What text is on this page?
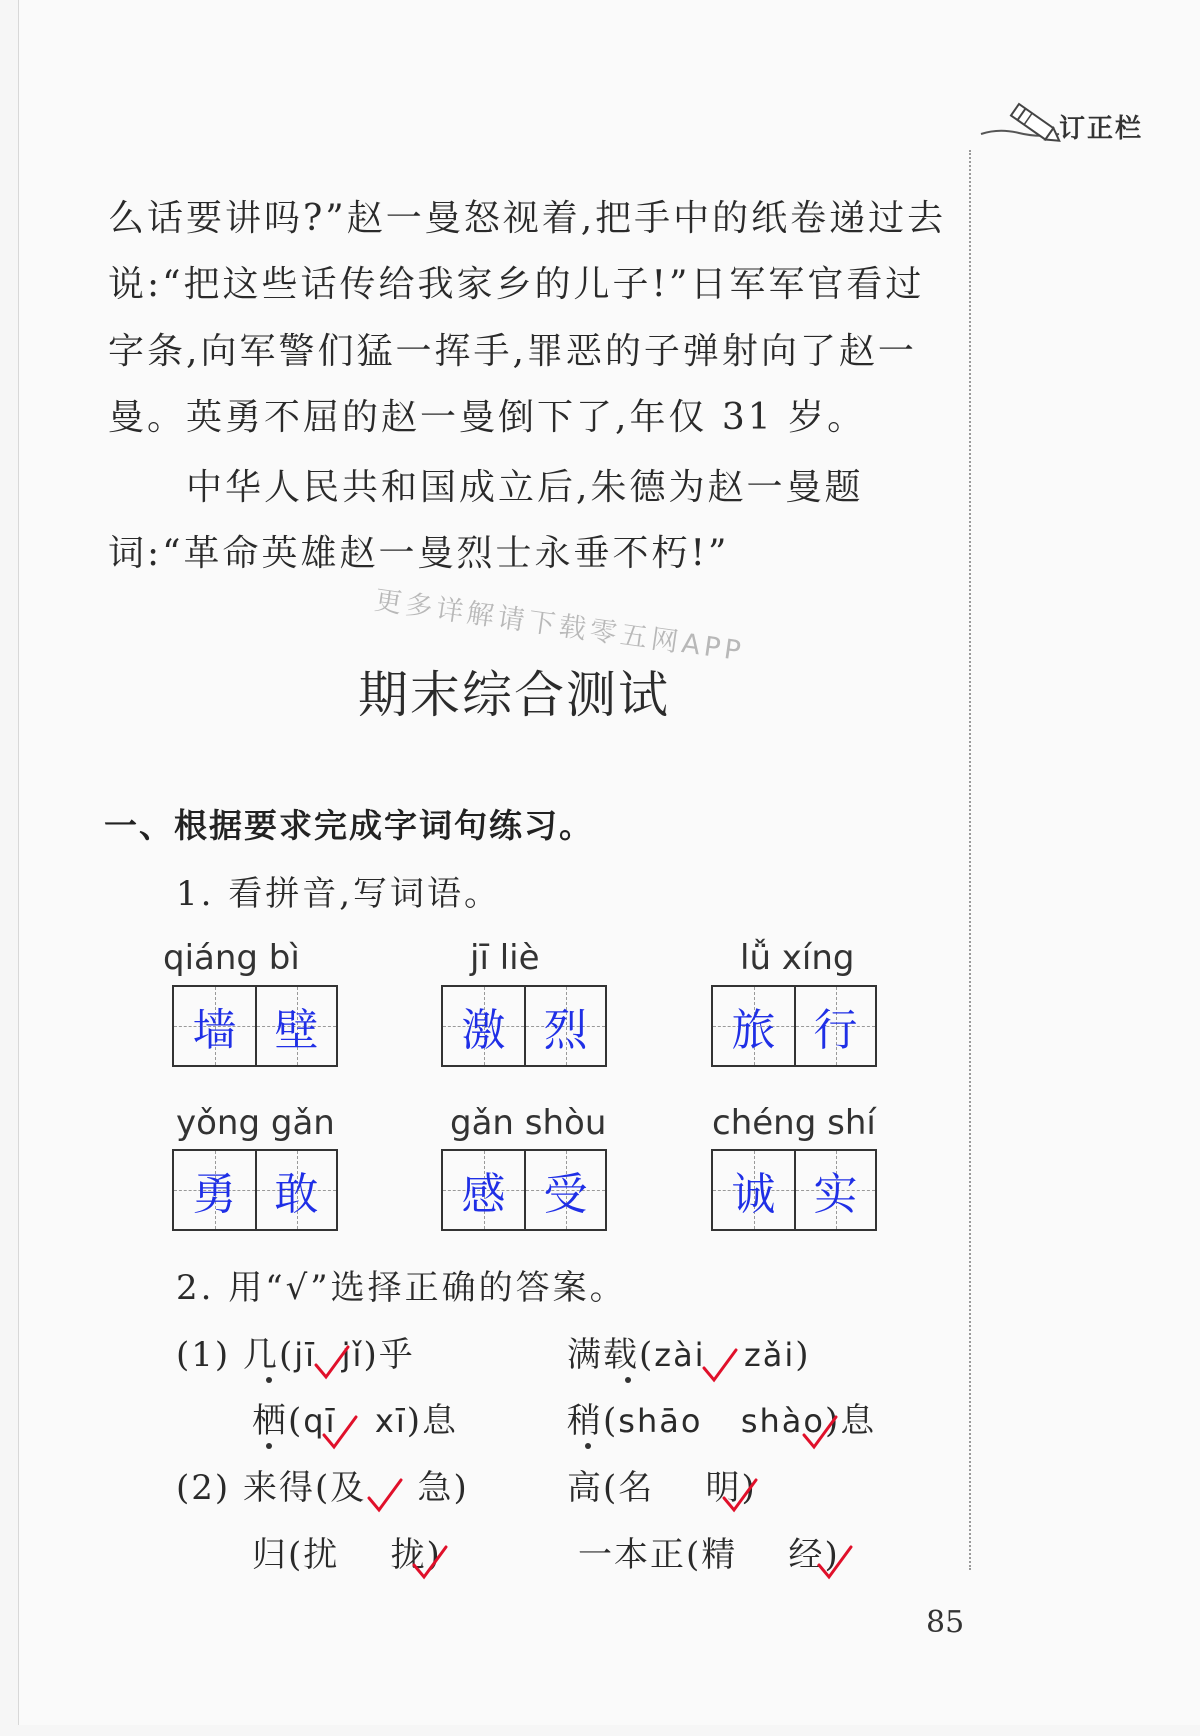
订正栏
么话要讲吗?”赵一曼怒视着,把手中的纸卷递过去
说:“把这些话传给我家乡的儿子!”日军军官看过
字条,向军警们猛一挥手,罪恶的子弹射向了赵一
曼。英勇不屈的赵一曼倒下了,年仅 31 岁。
中华人民共和国成立后,朱德为赵一曼题
词:“革命英雄赵一曼烈士永垂不朽!”
更多详解请下载零五网APP
期末综合测试
一、根据要求完成字词句练习。
1. 看拼音,写词语。
qiáng bì
墙 壁
jī liè
激 烈
lǚ xíng
旅 行
yǒng gǎn
勇 敢
gǎn shòu
感 受
chéng shí
诚 实
2. 用“√”选择正确的答案。
(1) 几(jī jǐ)乎	满载(zài zǎi)
栖(qī xī)息	稍(shāo shào)息
(2) 来得(及 急)	高(名 明)
归(扰 拢)	一本正(精 经)
85
